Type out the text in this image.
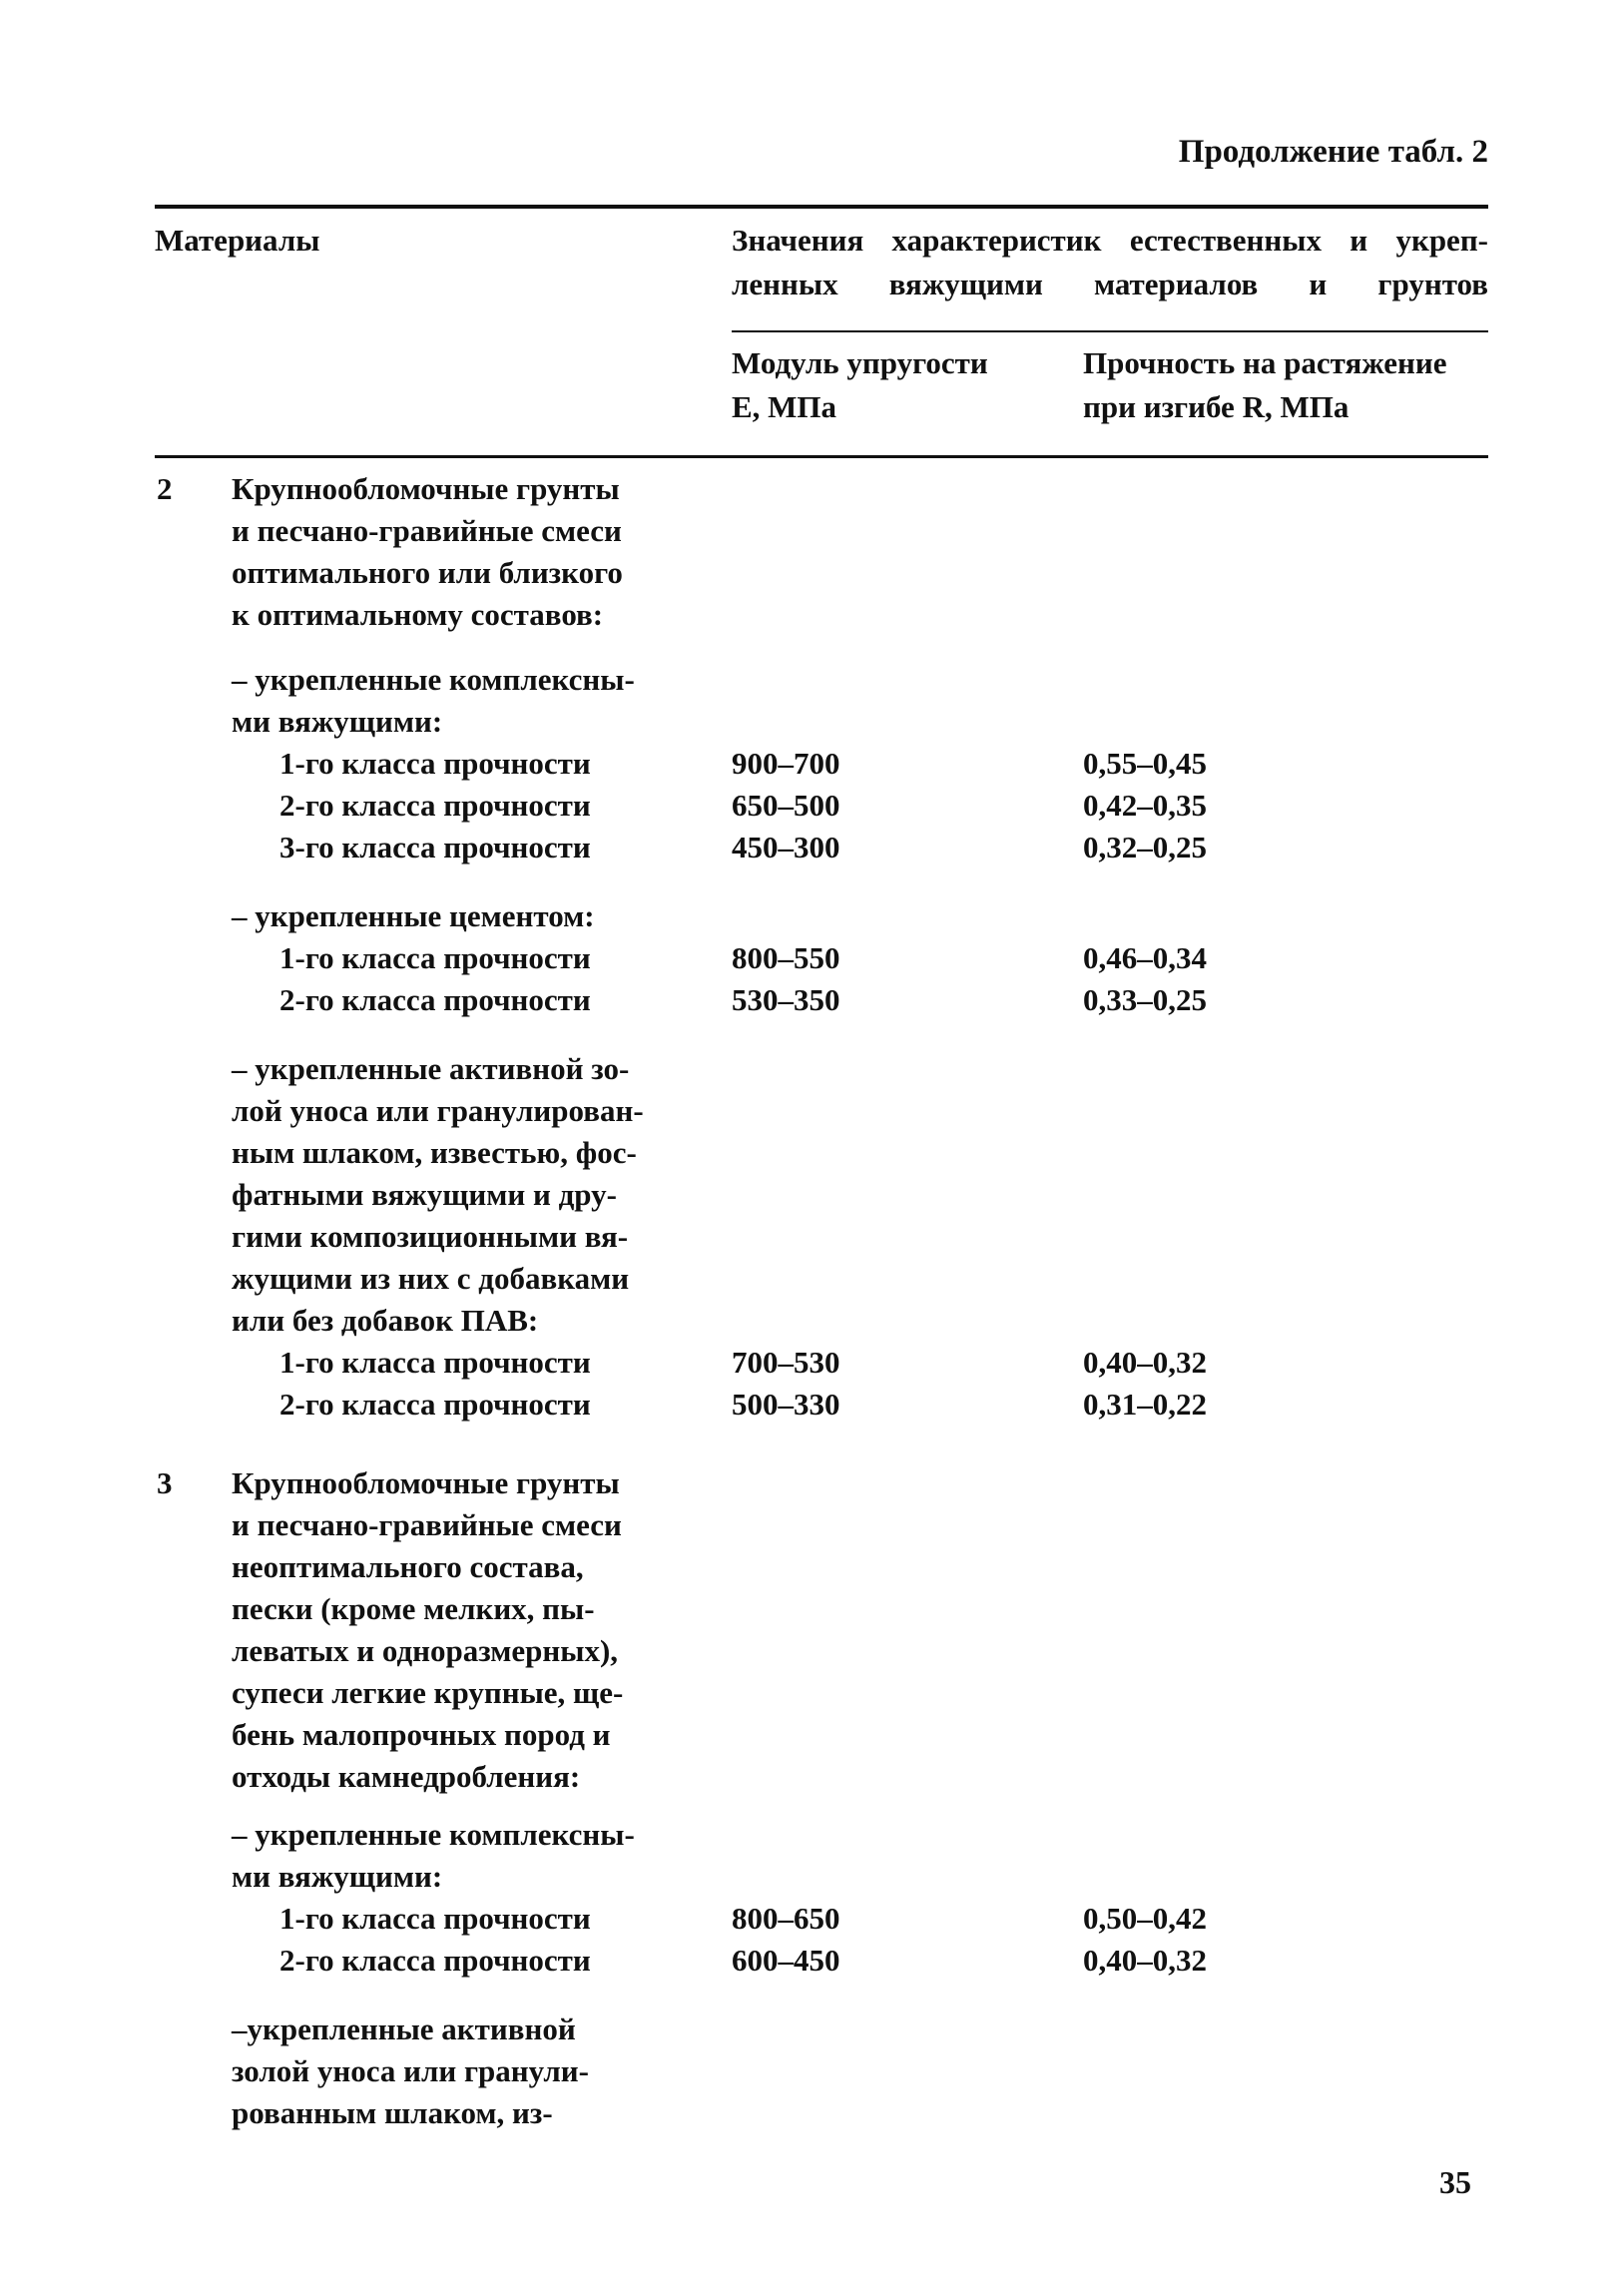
Продолжение табл. 2
Материалы	Значения характеристик естественных и укреп-
ленных вяжущими материалов и грунтов
Модуль упругости
Е, МПа
Прочность на растяжение
при изгибе R, МПа
2 Крупнообломочные грунты
и песчано-гравийные смеси
оптимального или близкого
к оптимальному составов:
– укрепленные комплексны-
ми вяжущими:
1-го класса прочности
2-го класса прочности
3-го класса прочности
900–700
650–500
450–300
0,55–0,45
0,42–0,35
0,32–0,25
– укрепленные цементом:
1-го класса прочности
2-го класса прочности
800–550
530–350
0,46–0,34
0,33–0,25
– укрепленные активной зо-
лой уноса или гранулирован-
ным шлаком, известью, фос-
фатными вяжущими и дру-
гими композиционными вя-
жущими из них с добавками
или без добавок ПАВ:
1-го класса прочности
2-го класса прочности
700–530
500–330
0,40–0,32
0,31–0,22
3 Крупнообломочные грунты
и песчано-гравийные смеси
неоптимального состава,
пески (кроме мелких, пы-
леватых и одноразмерных),
супеси легкие крупные, ще-
бень малопрочных пород и
отходы камнедробления:
– укрепленные комплексны-
ми вяжущими:
1-го класса прочности
2-го класса прочности
800–650
600–450
0,50–0,42
0,40–0,32
–укрепленные активной
золой уноса или гранули-
рованным шлаком, из-
35
